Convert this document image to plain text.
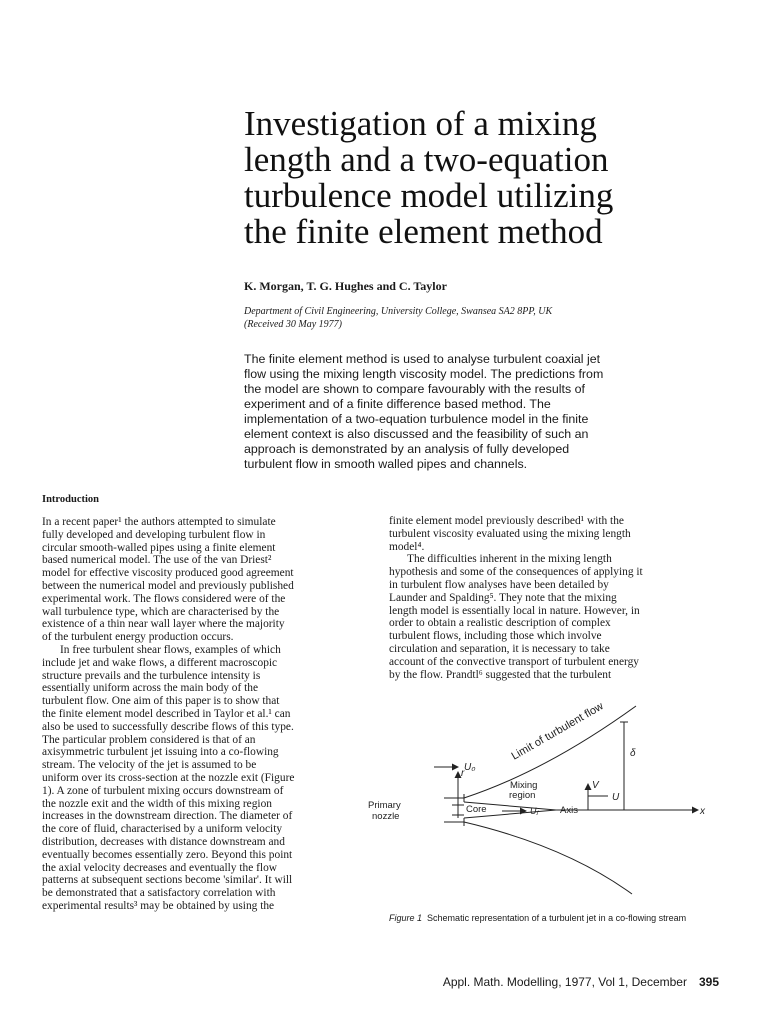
Investigation of a mixing
length and a two-equation
turbulence model utilizing
the finite element method
K. Morgan, T. G. Hughes and C. Taylor
Department of Civil Engineering, University College, Swansea SA2 8PP, UK
(Received 30 May 1977)
The finite element method is used to analyse turbulent coaxial jet
flow using the mixing length viscosity model. The predictions from
the model are shown to compare favourably with the results of
experiment and of a finite difference based method. The
implementation of a two-equation turbulence model in the finite
element context is also discussed and the feasibility of such an
approach is demonstrated by an analysis of fully developed
turbulent flow in smooth walled pipes and channels.
Introduction
In a recent paper¹ the authors attempted to simulate
fully developed and developing turbulent flow in
circular smooth-walled pipes using a finite element
based numerical model. The use of the van Driest²
model for effective viscosity produced good agreement
between the numerical model and previously published
experimental work. The flows considered were of the
wall turbulence type, which are characterised by the
existence of a thin near wall layer where the majority
of the turbulent energy production occurs.
In free turbulent shear flows, examples of which
include jet and wake flows, a different macroscopic
structure prevails and the turbulence intensity is
essentially uniform across the main body of the
turbulent flow. One aim of this paper is to show that
the finite element model described in Taylor et al.¹ can
also be used to successfully describe flows of this type.
The particular problem considered is that of an
axisymmetric turbulent jet issuing into a co-flowing
stream. The velocity of the jet is assumed to be
uniform over its cross-section at the nozzle exit (Figure
1). A zone of turbulent mixing occurs downstream of
the nozzle exit and the width of this mixing region
increases in the downstream direction. The diameter of
the core of fluid, characterised by a uniform velocity
distribution, decreases with distance downstream and
eventually becomes essentially zero. Beyond this point
the axial velocity decreases and eventually the flow
patterns at subsequent sections become 'similar'. It will
be demonstrated that a satisfactory correlation with
experimental results³ may be obtained by using the
finite element model previously described¹ with the
turbulent viscosity evaluated using the mixing length
model⁴.
The difficulties inherent in the mixing length
hypothesis and some of the consequences of applying it
in turbulent flow analyses have been detailed by
Launder and Spalding⁵. They note that the mixing
length model is essentially local in nature. However, in
order to obtain a realistic description of complex
turbulent flows, including those which involve
circulation and separation, it is necessary to take
account of the convective transport of turbulent energy
by the flow. Prandtl⁶ suggested that the turbulent
Limit of turbulent flow
U₀
r
Mixing
region
V
U
δ
Primary
nozzle
Core	Uⱼ Axis	x
Figure 1 Schematic representation of a turbulent jet in a co-flowing stream
Appl. Math. Modelling, 1977, Vol 1, December 395
